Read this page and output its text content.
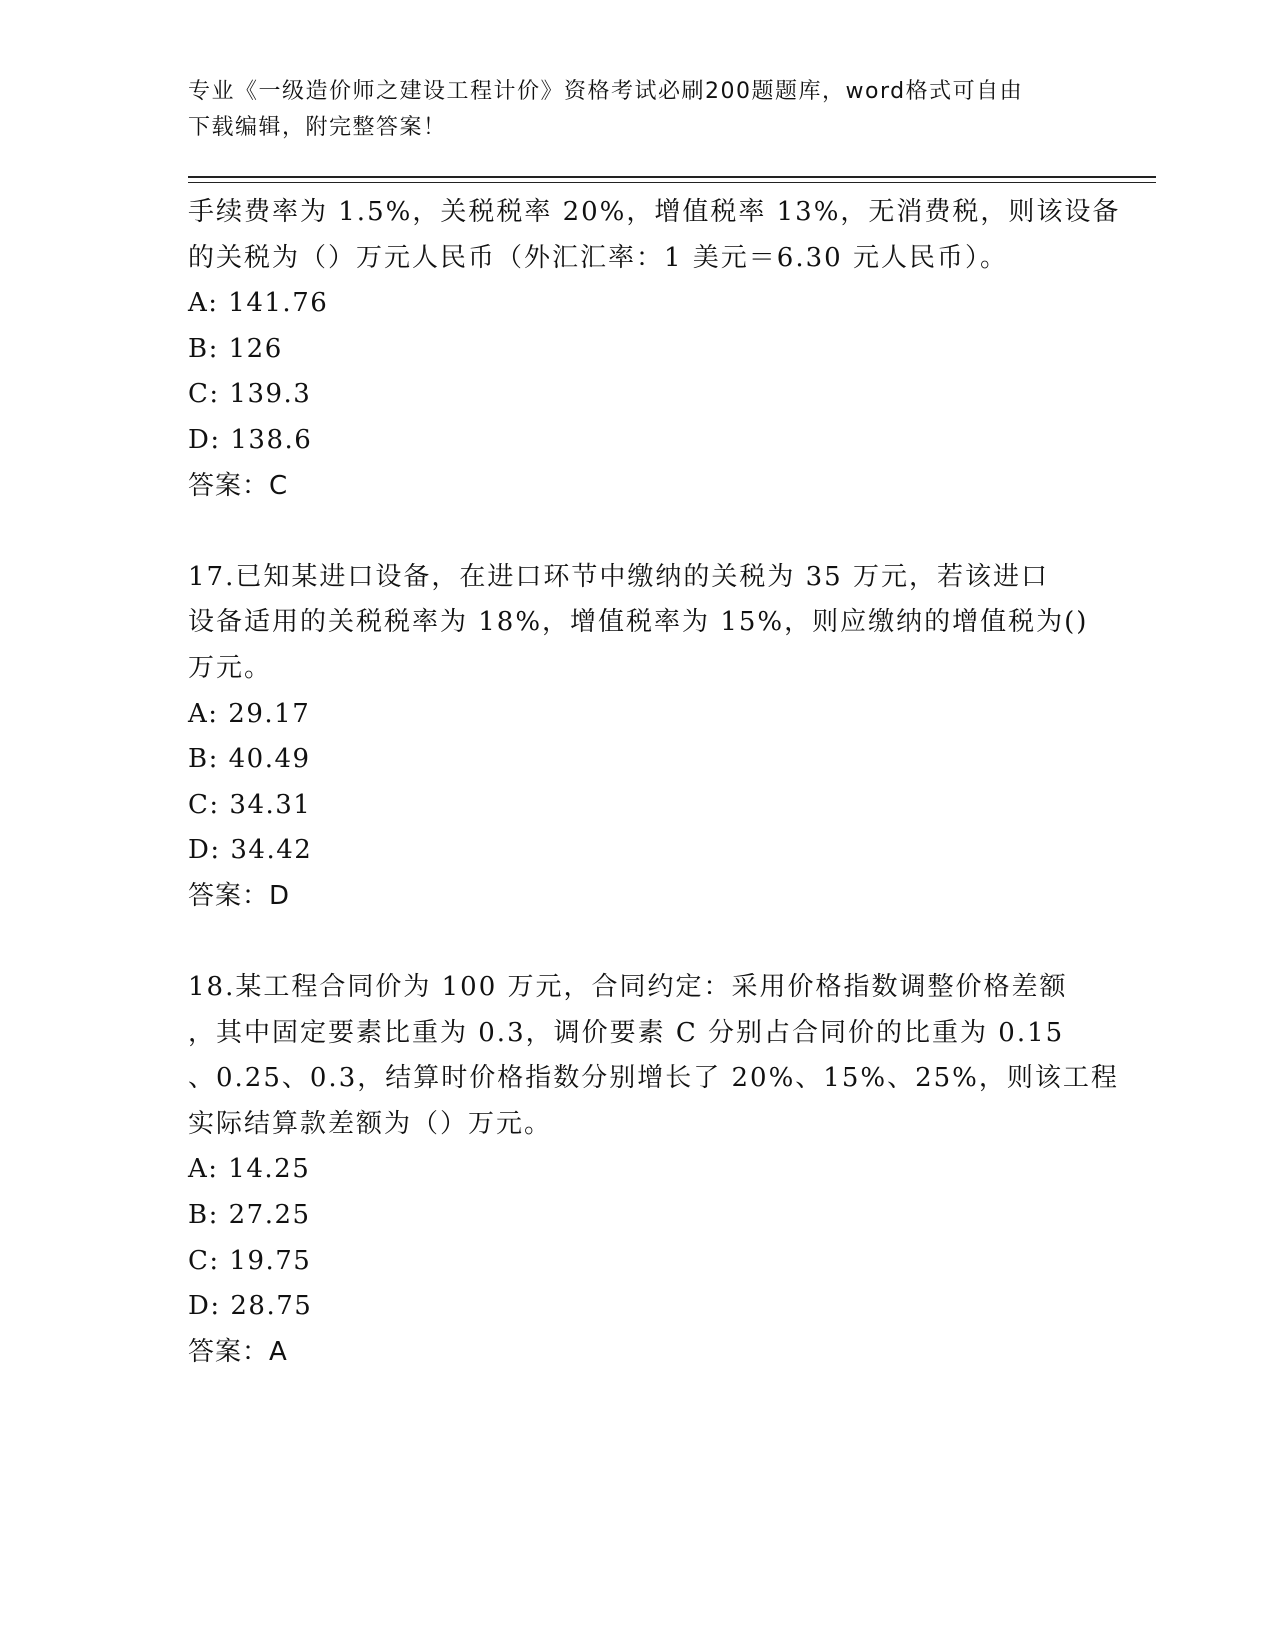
专业《一级造价师之建设工程计价》资格考试必刷200题题库，word格式可自由
下载编辑，附完整答案！
手续费率为 1.5%，关税税率 20%，增值税率 13%，无消费税，则该设备
的关税为（）万元人民币（外汇汇率：1 美元＝6.30 元人民币）。
A: 141.76
B: 126
C: 139.3
D: 138.6
答案：C
17.已知某进口设备，在进口环节中缴纳的关税为 35 万元，若该进口
设备适用的关税税率为 18%，增值税率为 15%，则应缴纳的增值税为()
万元。
A: 29.17
B: 40.49
C: 34.31
D: 34.42
答案：D
18.某工程合同价为 100 万元，合同约定：采用价格指数调整价格差额
，其中固定要素比重为 0.3，调价要素 C 分别占合同价的比重为 0.15
、0.25、0.3，结算时价格指数分别增长了 20%、15%、25%，则该工程
实际结算款差额为（）万元。
A: 14.25
B: 27.25
C: 19.75
D: 28.75
答案：A
